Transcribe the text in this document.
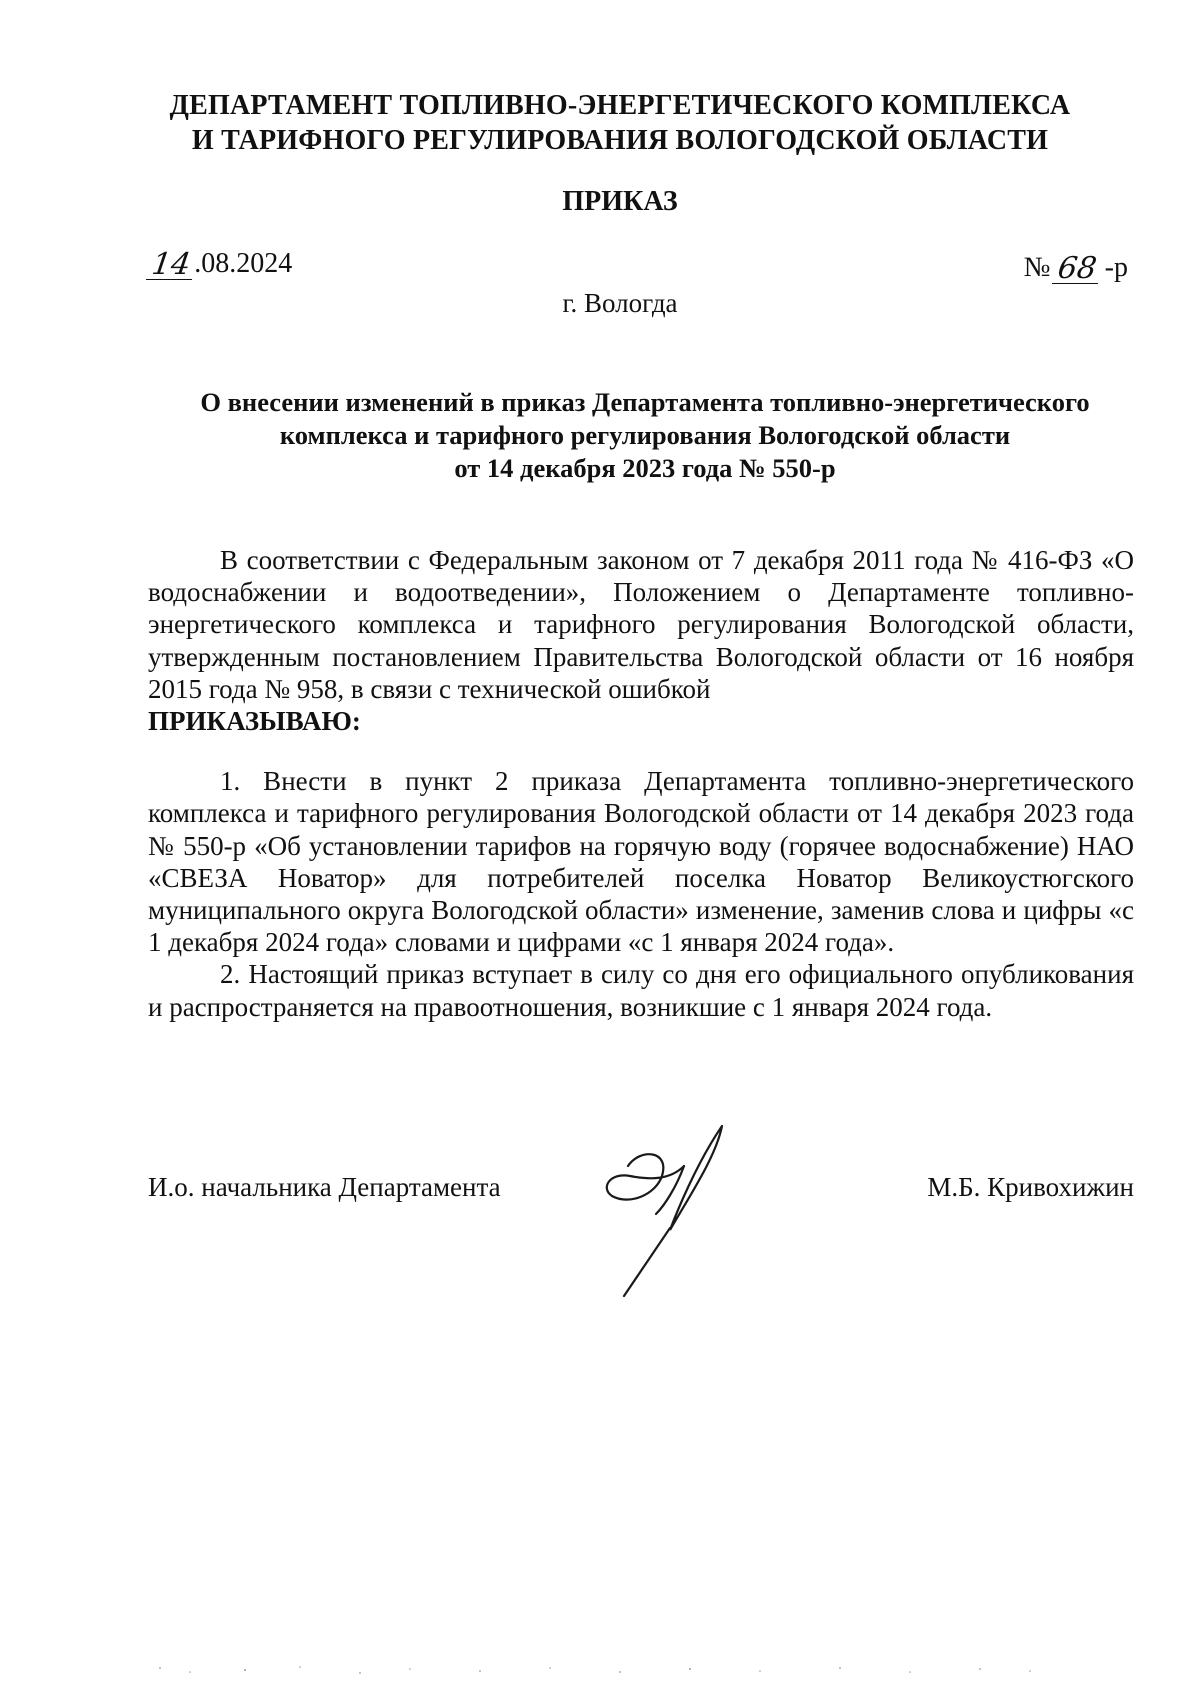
ДЕПАРТАМЕНТ ТОПЛИВНО-ЭНЕРГЕТИЧЕСКОГО КОМПЛЕКСА
И ТАРИФНОГО РЕГУЛИРОВАНИЯ ВОЛОГОДСКОЙ ОБЛАСТИ
ПРИКАЗ
14 .08.2024	№ 68 -р
г. Вологда
О внесении изменений в приказ Департамента топливно-энергетического
комплекса и тарифного регулирования Вологодской области
от 14 декабря 2023 года № 550-р

В соответствии с Федеральным законом от 7 декабря 2011 года № 416-ФЗ «О водоснабжении и водоотведении», Положением о Департаменте топливно-энергетического комплекса и тарифного регулирования Вологодской области, утвержденным постановлением Правительства Вологодской области от 16 ноября 2015 года № 958, в связи с технической ошибкой

ПРИКАЗЫВАЮ:

1. Внести в пункт 2 приказа Департамента топливно-энергетического комплекса и тарифного регулирования Вологодской области от 14 декабря 2023 года № 550-р «Об установлении тарифов на горячую воду (горячее водоснабжение) НАО «СВЕЗА Новатор» для потребителей поселка Новатор Великоустюгского муниципального округа Вологодской области» изменение, заменив слова и цифры «с 1 декабря 2024 года» словами и цифрами «с 1 января 2024 года».

2. Настоящий приказ вступает в силу со дня его официального опубликования и распространяется на правоотношения, возникшие с 1 января 2024 года.

И.о. начальника Департамента	М.Б. Кривохижин
